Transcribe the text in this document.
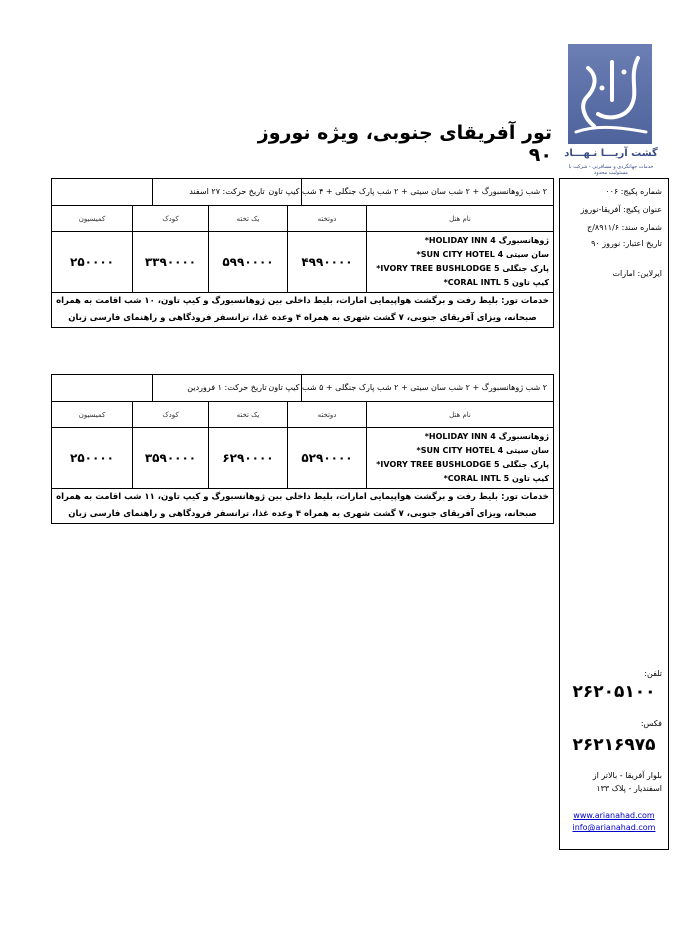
گشت آریـــا نـهـــاد
خدمات جهانگردی و مسافرتی - شرکت با مسئولیت محدود
تور آفریقای جنوبی، ویژه نوروز ۹۰
شماره پکیج: ۰۰۶
عنوان پکیج: آفریقا-نوروز
شماره سند: ۸۹۱۱/۶/ج
تاریخ اعتبار: نوروز ۹۰
ایرلاین: امارات
تلفن:
۲۶۲۰۵۱۰۰
فکس:
۲۶۲۱۶۹۷۵
بلوار آفریقا - بالاتر از
اسفندیار - پلاک ۱۳۳
www.arianahad.com
info@arianahad.com
۲ شب ژوهانسبورگ + ۲ شب سان سیتی + ۲ شب پارک جنگلی + ۴ شب کیپ تاون
تاریخ حرکت: ۲۷ اسفند
کمیسیون	کودک	یک تخته	دوتخته	نام هتل
۲۵۰۰۰۰	۳۳۹۰۰۰۰	۵۹۹۰۰۰۰	۴۹۹۰۰۰۰	ژوهانسبورگ HOLIDAY INN 4*
سان سیتی SUN CITY HOTEL 4*
پارک جنگلی IVORY TREE BUSHLODGE 5*
کیپ تاون CORAL INTL 5*
خدمات تور: بلیط رفت و برگشت هواپیمایی امارات، بلیط داخلی بین ژوهانسبورگ و کیپ تاون، ۱۰ شب اقامت به همراه صبحانه، ویزای آفریقای جنوبی، ۷ گشت شهری به همراه ۴ وعده غذا، ترانسفر فرودگاهی و راهنمای فارسی زبان
۲ شب ژوهانسبورگ + ۲ شب سان سیتی + ۲ شب پارک جنگلی + ۵ شب کیپ تاون
تاریخ حرکت: ۱ فروردین
کمیسیون	کودک	یک تخته	دوتخته	نام هتل
۲۵۰۰۰۰	۳۵۹۰۰۰۰	۶۲۹۰۰۰۰	۵۲۹۰۰۰۰	ژوهانسبورگ HOLIDAY INN 4*
سان سیتی SUN CITY HOTEL 4*
پارک جنگلی IVORY TREE BUSHLODGE 5*
کیپ تاون CORAL INTL 5*
خدمات تور: بلیط رفت و برگشت هواپیمایی امارات، بلیط داخلی بین ژوهانسبورگ و کیپ تاون، ۱۱ شب اقامت به همراه صبحانه، ویزای آفریقای جنوبی، ۷ گشت شهری به همراه ۴ وعده غذا، ترانسفر فرودگاهی و راهنمای فارسی زبان
